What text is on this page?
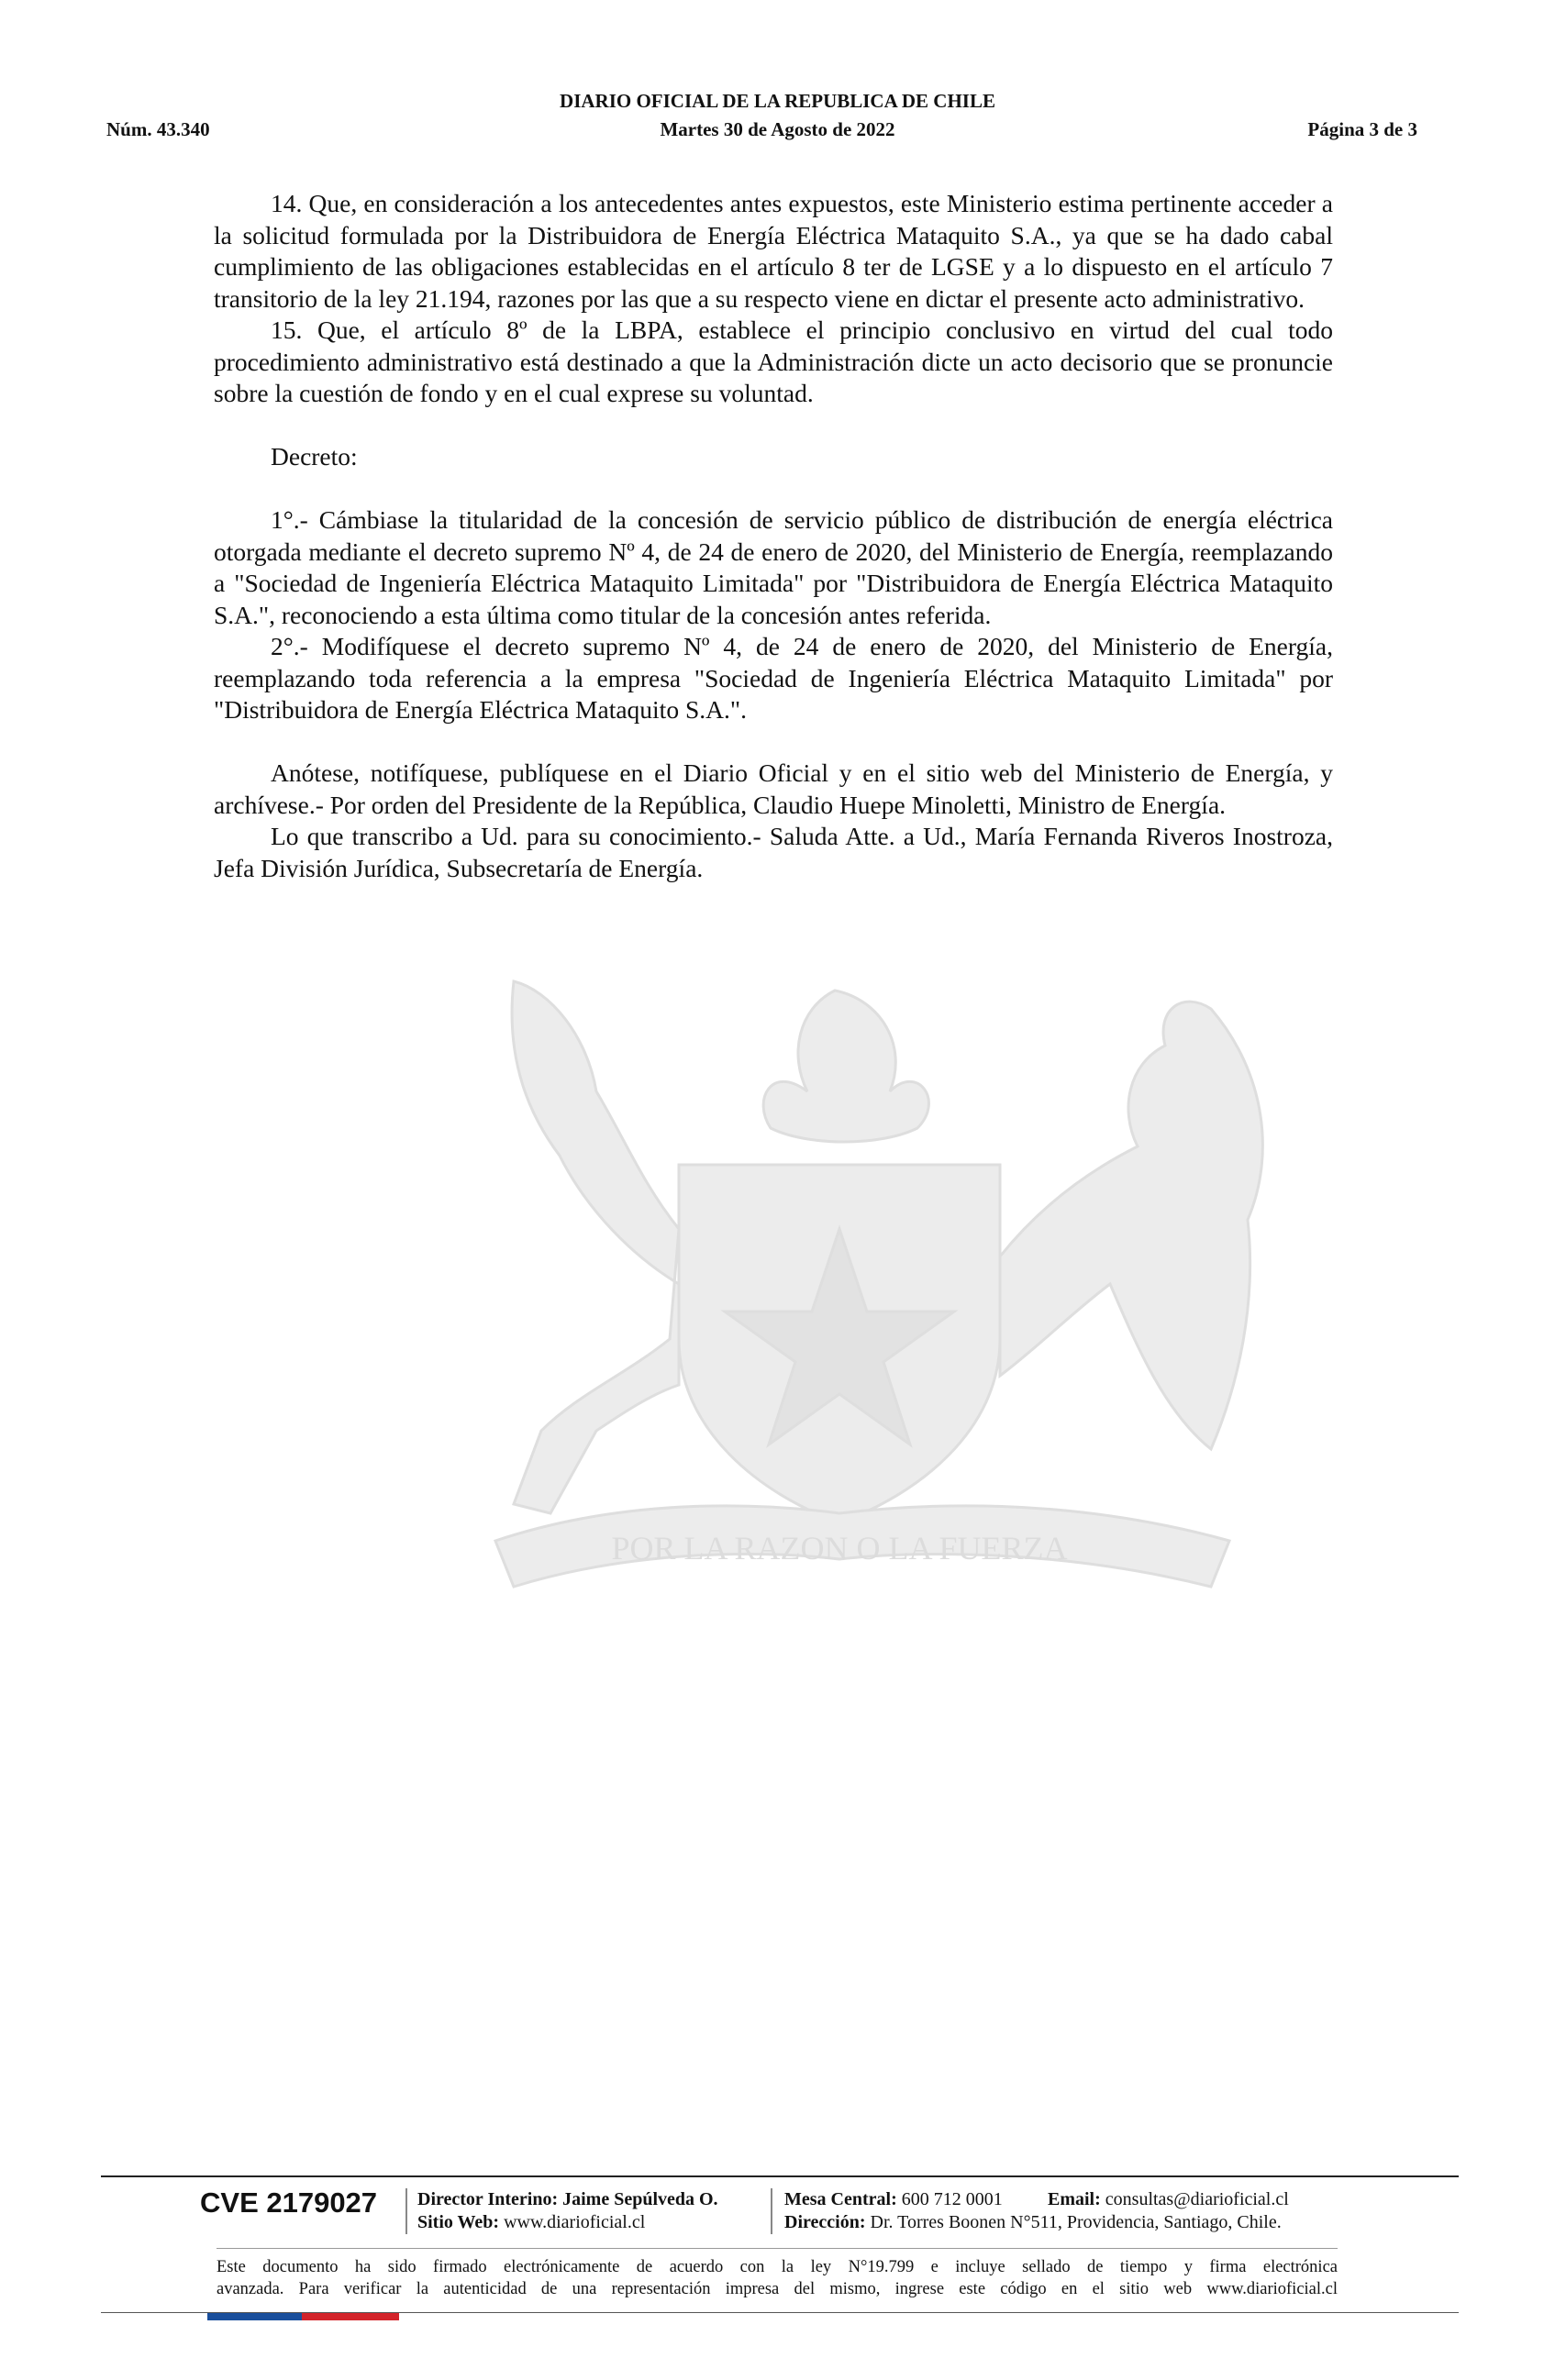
DIARIO OFICIAL DE LA REPUBLICA DE CHILE
Núm. 43.340	Martes 30 de Agosto de 2022	Página 3 de 3
POR LA RAZON O LA FUERZA

14. Que, en consideración a los antecedentes antes expuestos, este Ministerio estima pertinente acceder a la solicitud formulada por la Distribuidora de Energía Eléctrica Mataquito S.A., ya que se ha dado cabal cumplimiento de las obligaciones establecidas en el artículo 8 ter de LGSE y a lo dispuesto en el artículo 7 transitorio de la ley 21.194, razones por las que a su respecto viene en dictar el presente acto administrativo.

15. Que, el artículo 8º de la LBPA, establece el principio conclusivo en virtud del cual todo procedimiento administrativo está destinado a que la Administración dicte un acto decisorio que se pronuncie sobre la cuestión de fondo y en el cual exprese su voluntad.

Decreto:

1°.- Cámbiase la titularidad de la concesión de servicio público de distribución de energía eléctrica otorgada mediante el decreto supremo Nº 4, de 24 de enero de 2020, del Ministerio de Energía, reemplazando a "Sociedad de Ingeniería Eléctrica Mataquito Limitada" por "Distribuidora de Energía Eléctrica Mataquito S.A.", reconociendo a esta última como titular de la concesión antes referida.

2°.- Modifíquese el decreto supremo Nº 4, de 24 de enero de 2020, del Ministerio de Energía, reemplazando toda referencia a la empresa "Sociedad de Ingeniería Eléctrica Mataquito Limitada" por "Distribuidora de Energía Eléctrica Mataquito S.A.".

Anótese, notifíquese, publíquese en el Diario Oficial y en el sitio web del Ministerio de Energía, y archívese.- Por orden del Presidente de la República, Claudio Huepe Minoletti, Ministro de Energía.

Lo que transcribo a Ud. para su conocimiento.- Saluda Atte. a Ud., María Fernanda Riveros Inostroza, Jefa División Jurídica, Subsecretaría de Energía.

CVE 2179027 Director Interino: Jaime Sepúlveda O.
Sitio Web: www.diarioficial.cl
Mesa Central: 600 712 0001 Email: consultas@diarioficial.cl
Dirección: Dr. Torres Boonen N°511, Providencia, Santiago, Chile.
Este documento ha sido firmado electrónicamente de acuerdo con la ley N°19.799 e incluye sellado de tiempo y firma electrónica
avanzada. Para verificar la autenticidad de una representación impresa del mismo, ingrese este código en el sitio web www.diarioficial.cl
